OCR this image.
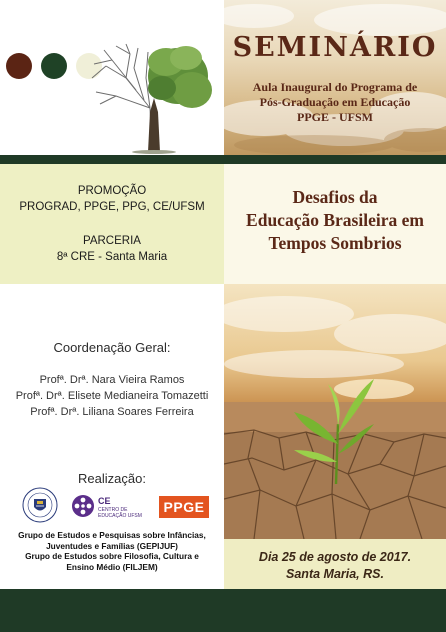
SEMINÁRIO
Aula Inaugural do Programa de
Pós-Graduação em Educação
PPGE - UFSM
PROMOÇÃO
PROGRAD, PPGE, PPG, CE/UFSM
PARCERIA
8ª CRE - Santa Maria
Desafios da
Educação Brasileira em
Tempos Sombrios
Coordenação Geral:
Profª. Drª. Nara Vieira Ramos
Profª. Drª. Elisete Medianeira Tomazetti
Profª. Drª. Liliana Soares Ferreira
Realização:
CE
CENTRO DE EDUCAÇÃO UFSM
PPGE
Grupo de Estudos e Pesquisas sobre Infâncias,
Juventudes e Famílias (GEPIJUF)
Grupo de Estudos sobre Filosofia, Cultura e
Ensino Médio (FILJEM)
Dia 25 de agosto de 2017.
Santa Maria, RS.
